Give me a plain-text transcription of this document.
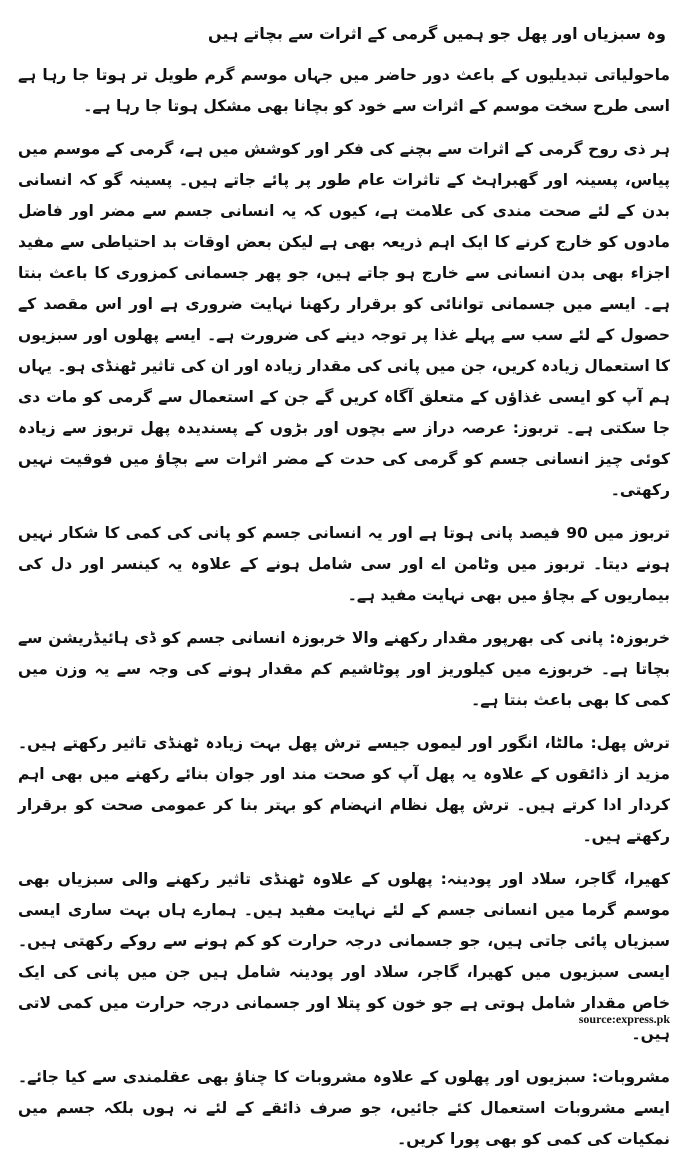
وہ سبزیاں اور پھل جو ہمیں گرمی کے اثرات سے بچاتے ہیں

ماحولیاتی تبدیلیوں کے باعث دور حاضر میں جہاں موسم گرم طویل تر ہوتا جا رہا ہے اسی طرح سخت موسم کے اثرات سے خود کو بچانا بھی مشکل ہوتا جا رہا ہے۔

ہر ذی روح گرمی کے اثرات سے بچنے کی فکر اور کوشش میں ہے، گرمی کے موسم میں پیاس، پسینہ اور گھبراہٹ کے تاثرات عام طور پر پائے جاتے ہیں۔ پسینہ گو کہ انسانی بدن کے لئے صحت مندی کی علامت ہے، کیوں کہ یہ انسانی جسم سے مضر اور فاضل مادوں کو خارج کرنے کا ایک اہم ذریعہ بھی ہے لیکن بعض اوقات بد احتیاطی سے مفید اجزاء بھی بدن انسانی سے خارج ہو جاتے ہیں، جو پھر جسمانی کمزوری کا باعث بنتا ہے۔ ایسے میں جسمانی توانائی کو برقرار رکھنا نہایت ضروری ہے اور اس مقصد کے حصول کے لئے سب سے پہلے غذا پر توجہ دینے کی ضرورت ہے۔ ایسے پھلوں اور سبزیوں کا استعمال زیادہ کریں، جن میں پانی کی مقدار زیادہ اور ان کی تاثیر ٹھنڈی ہو۔ یہاں ہم آپ کو ایسی غذاؤں کے متعلق آگاہ کریں گے جن کے استعمال سے گرمی کو مات دی جا سکتی ہے۔ تربوز: عرصہ دراز سے بچوں اور بڑوں کے پسندیدہ پھل تربوز سے زیادہ کوئی چیز انسانی جسم کو گرمی کی حدت کے مضر اثرات سے بچاؤ میں فوقیت نہیں رکھتی۔

تربوز میں 90 فیصد پانی ہوتا ہے اور یہ انسانی جسم کو پانی کی کمی کا شکار نہیں ہونے دیتا۔ تربوز میں وٹامن اے اور سی شامل ہونے کے علاوہ یہ کینسر اور دل کی بیماریوں کے بچاؤ میں بھی نہایت مفید ہے۔

خربوزہ: پانی کی بھرپور مقدار رکھنے والا خربوزہ انسانی جسم کو ڈی ہائیڈریشن سے بچاتا ہے۔ خربوزے میں کیلوریز اور پوٹاشیم کم مقدار ہونے کی وجہ سے یہ وزن میں کمی کا بھی باعث بنتا ہے۔

ترش پھل: مالٹا، انگور اور لیموں جیسے ترش پھل بہت زیادہ ٹھنڈی تاثیر رکھتے ہیں۔ مزید از ذائقوں کے علاوہ یہ پھل آپ کو صحت مند اور جوان بنائے رکھنے میں بھی اہم کردار ادا کرتے ہیں۔ ترش پھل نظام انہضام کو بہتر بنا کر عمومی صحت کو برقرار رکھتے ہیں۔

کھیرا، گاجر، سلاد اور پودینہ: پھلوں کے علاوہ ٹھنڈی تاثیر رکھنے والی سبزیاں بھی موسم گرما میں انسانی جسم کے لئے نہایت مفید ہیں۔ ہمارے ہاں بہت ساری ایسی سبزیاں پائی جاتی ہیں، جو جسمانی درجہ حرارت کو کم ہونے سے روکے رکھتی ہیں۔ ایسی سبزیوں میں کھیرا، گاجر، سلاد اور پودینہ شامل ہیں جن میں پانی کی ایک خاص مقدار شامل ہوتی ہے جو خون کو پتلا اور جسمانی درجہ حرارت میں کمی لاتی ہیں۔

مشروبات: سبزیوں اور پھلوں کے علاوہ مشروبات کا چناؤ بھی عقلمندی سے کیا جائے۔ ایسے مشروبات استعمال کئے جائیں، جو صرف ذائقے کے لئے نہ ہوں بلکہ جسم میں نمکیات کی کمی کو بھی پورا کریں۔

source:express.pk
